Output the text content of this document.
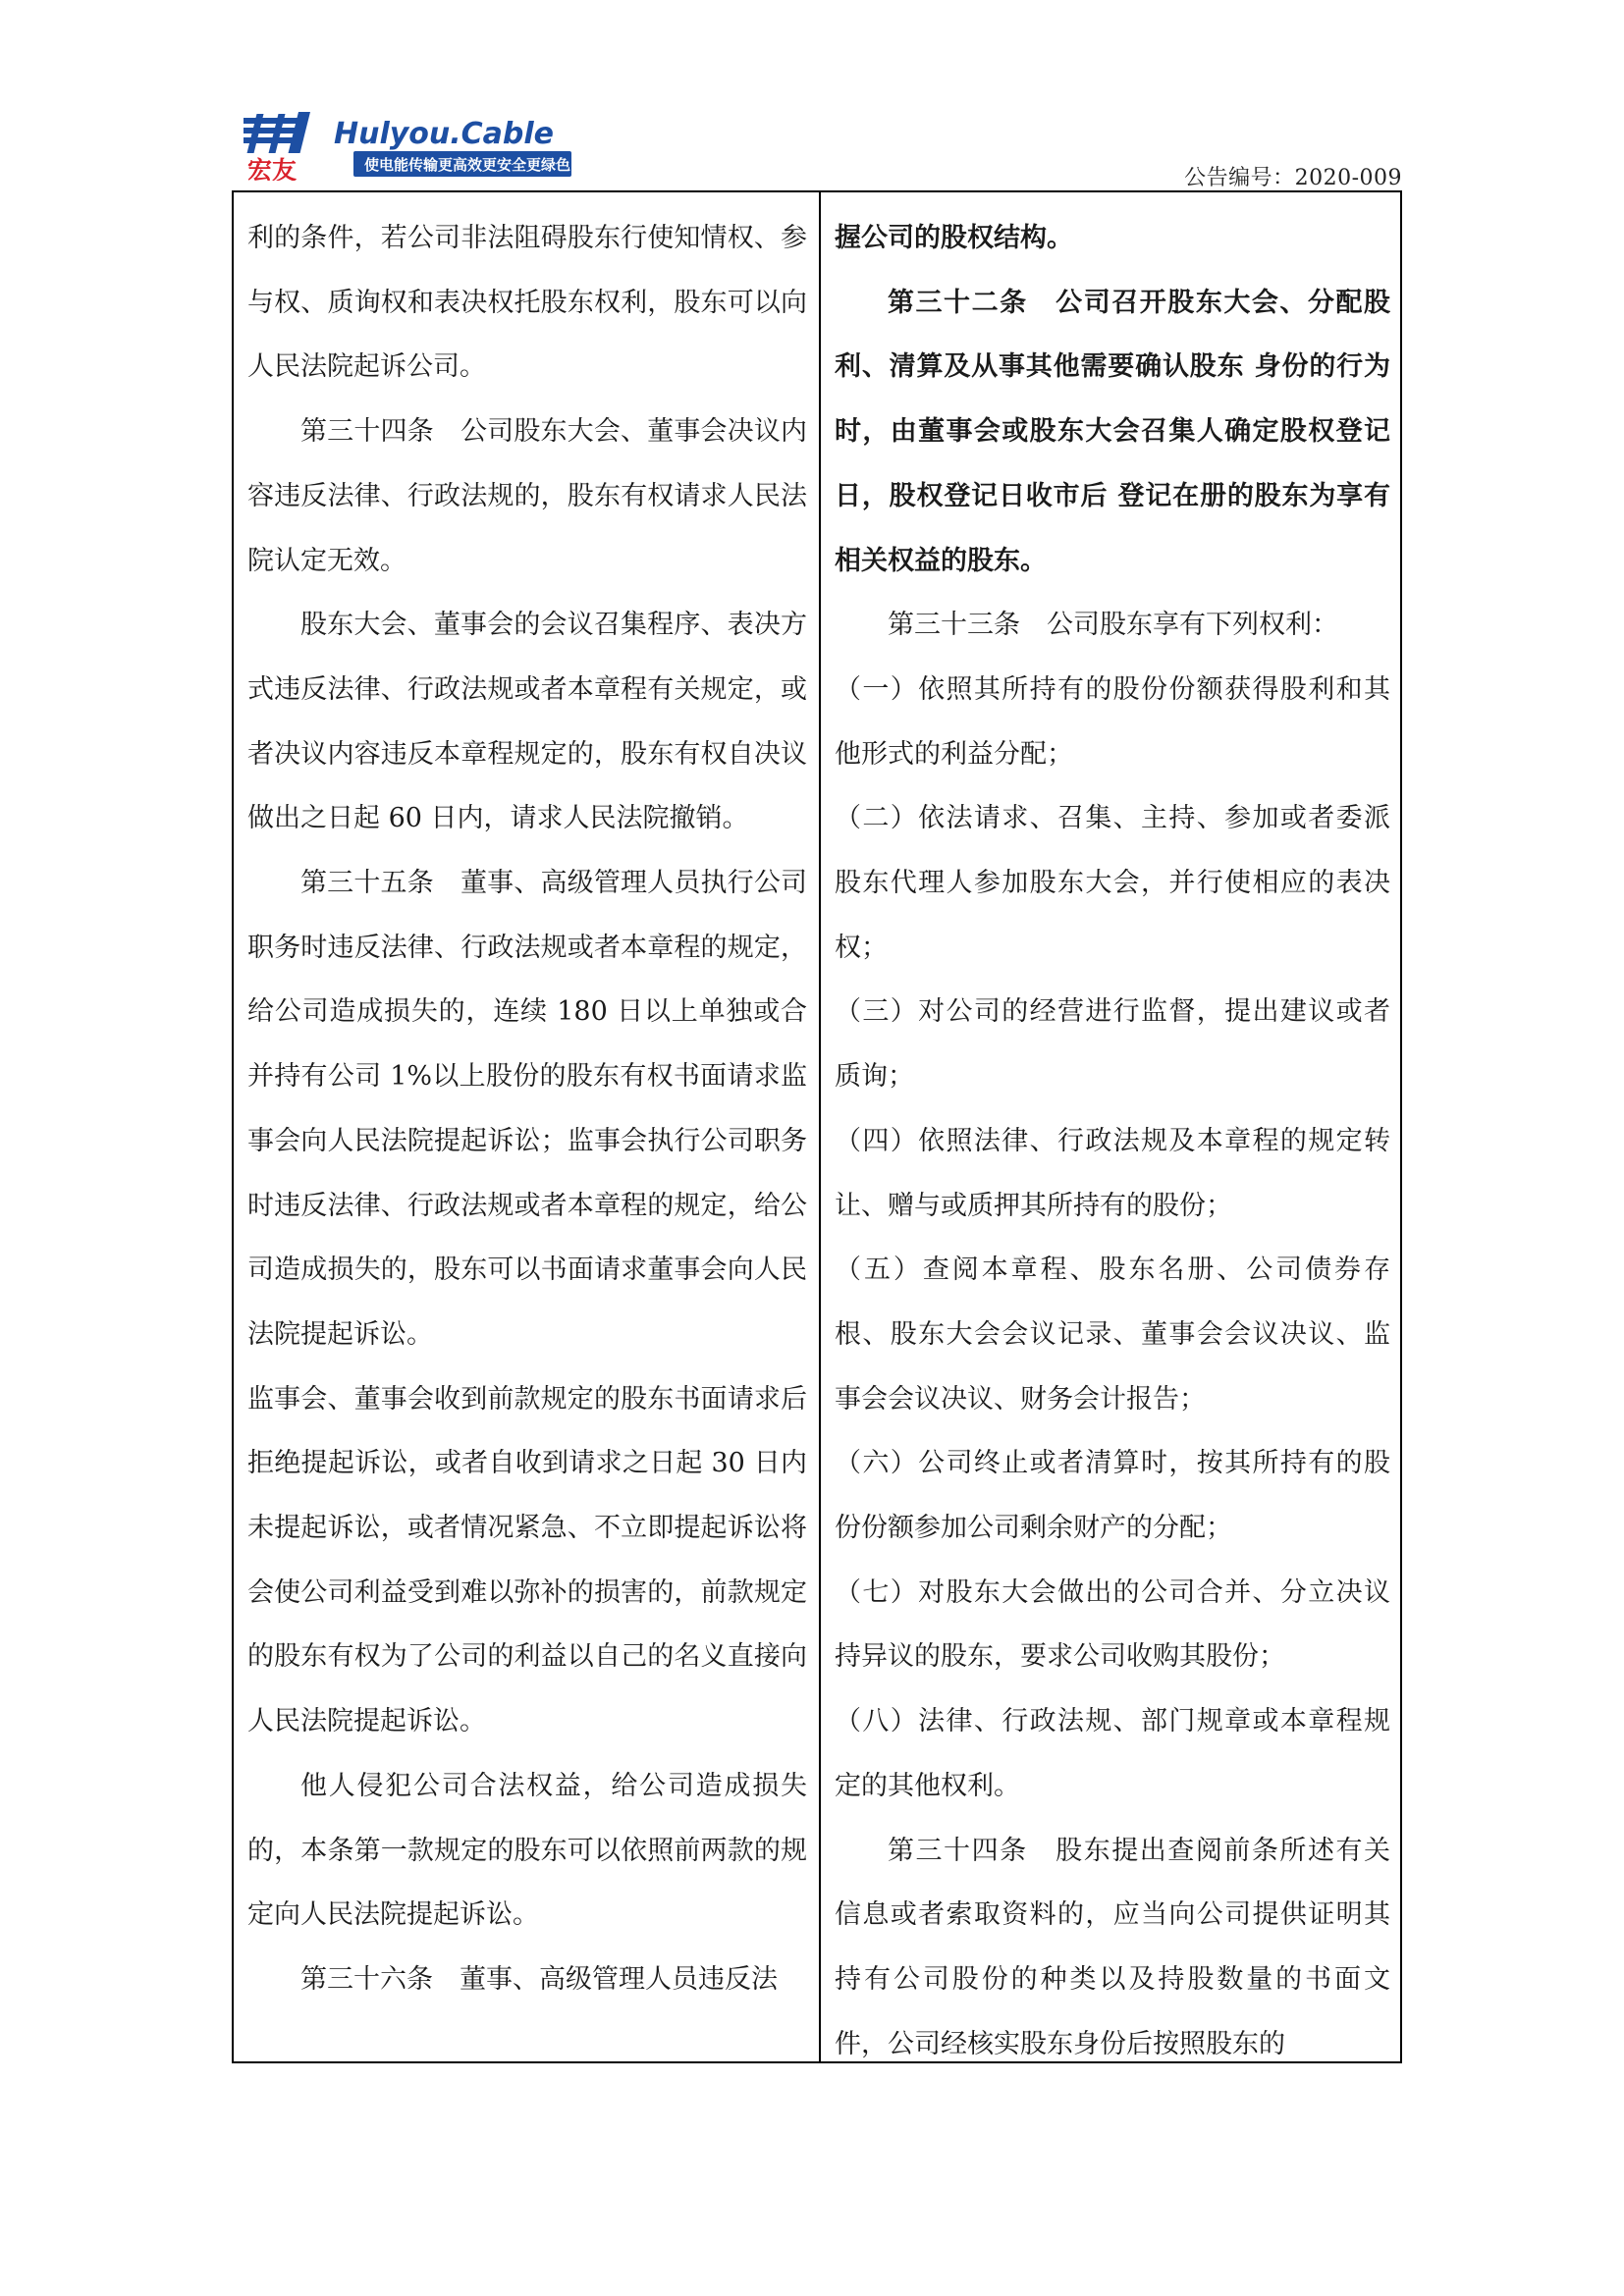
宏友
Hulyou.Cable
使电能传输更高效更安全更绿色
公告编号：2020-009

利的条件，若公司非法阻碍股东行使知情权、参与权、质询权和表决权托股东权利，股东可以向人民法院起诉公司。

第三十四条　公司股东大会、董事会决议内容违反法律、行政法规的，股东有权请求人民法院认定无效。

股东大会、董事会的会议召集程序、表决方式违反法律、行政法规或者本章程有关规定，或者决议内容违反本章程规定的，股东有权自决议做出之日起 60 日内，请求人民法院撤销。

第三十五条　董事、高级管理人员执行公司职务时违反法律、行政法规或者本章程的规定，给公司造成损失的，连续 180 日以上单独或合并持有公司 1%以上股份的股东有权书面请求监事会向人民法院提起诉讼；监事会执行公司职务时违反法律、行政法规或者本章程的规定，给公司造成损失的，股东可以书面请求董事会向人民法院提起诉讼。

监事会、董事会收到前款规定的股东书面请求后拒绝提起诉讼，或者自收到请求之日起 30 日内未提起诉讼，或者情况紧急、不立即提起诉讼将会使公司利益受到难以弥补的损害的，前款规定的股东有权为了公司的利益以自己的名义直接向人民法院提起诉讼。

他人侵犯公司合法权益，给公司造成损失的，本条第一款规定的股东可以依照前两款的规定向人民法院提起诉讼。

第三十六条　董事、高级管理人员违反法

握公司的股权结构。

第三十二条　公司召开股东大会、分配股利、清算及从事其他需要确认股东 身份的行为时，由董事会或股东大会召集人确定股权登记日，股权登记日收市后 登记在册的股东为享有相关权益的股东。

第三十三条　公司股东享有下列权利：

（一）依照其所持有的股份份额获得股利和其他形式的利益分配；

（二）依法请求、召集、主持、参加或者委派股东代理人参加股东大会，并行使相应的表决权；

（三）对公司的经营进行监督，提出建议或者质询；

（四）依照法律、行政法规及本章程的规定转让、赠与或质押其所持有的股份；

（五）查阅本章程、股东名册、公司债券存根、股东大会会议记录、董事会会议决议、监事会会议决议、财务会计报告；

（六）公司终止或者清算时，按其所持有的股份份额参加公司剩余财产的分配；

（七）对股东大会做出的公司合并、分立决议持异议的股东，要求公司收购其股份；

（八）法律、行政法规、部门规章或本章程规定的其他权利。

第三十四条　股东提出查阅前条所述有关信息或者索取资料的，应当向公司提供证明其持有公司股份的种类以及持股数量的书面文件，公司经核实股东身份后按照股东的
